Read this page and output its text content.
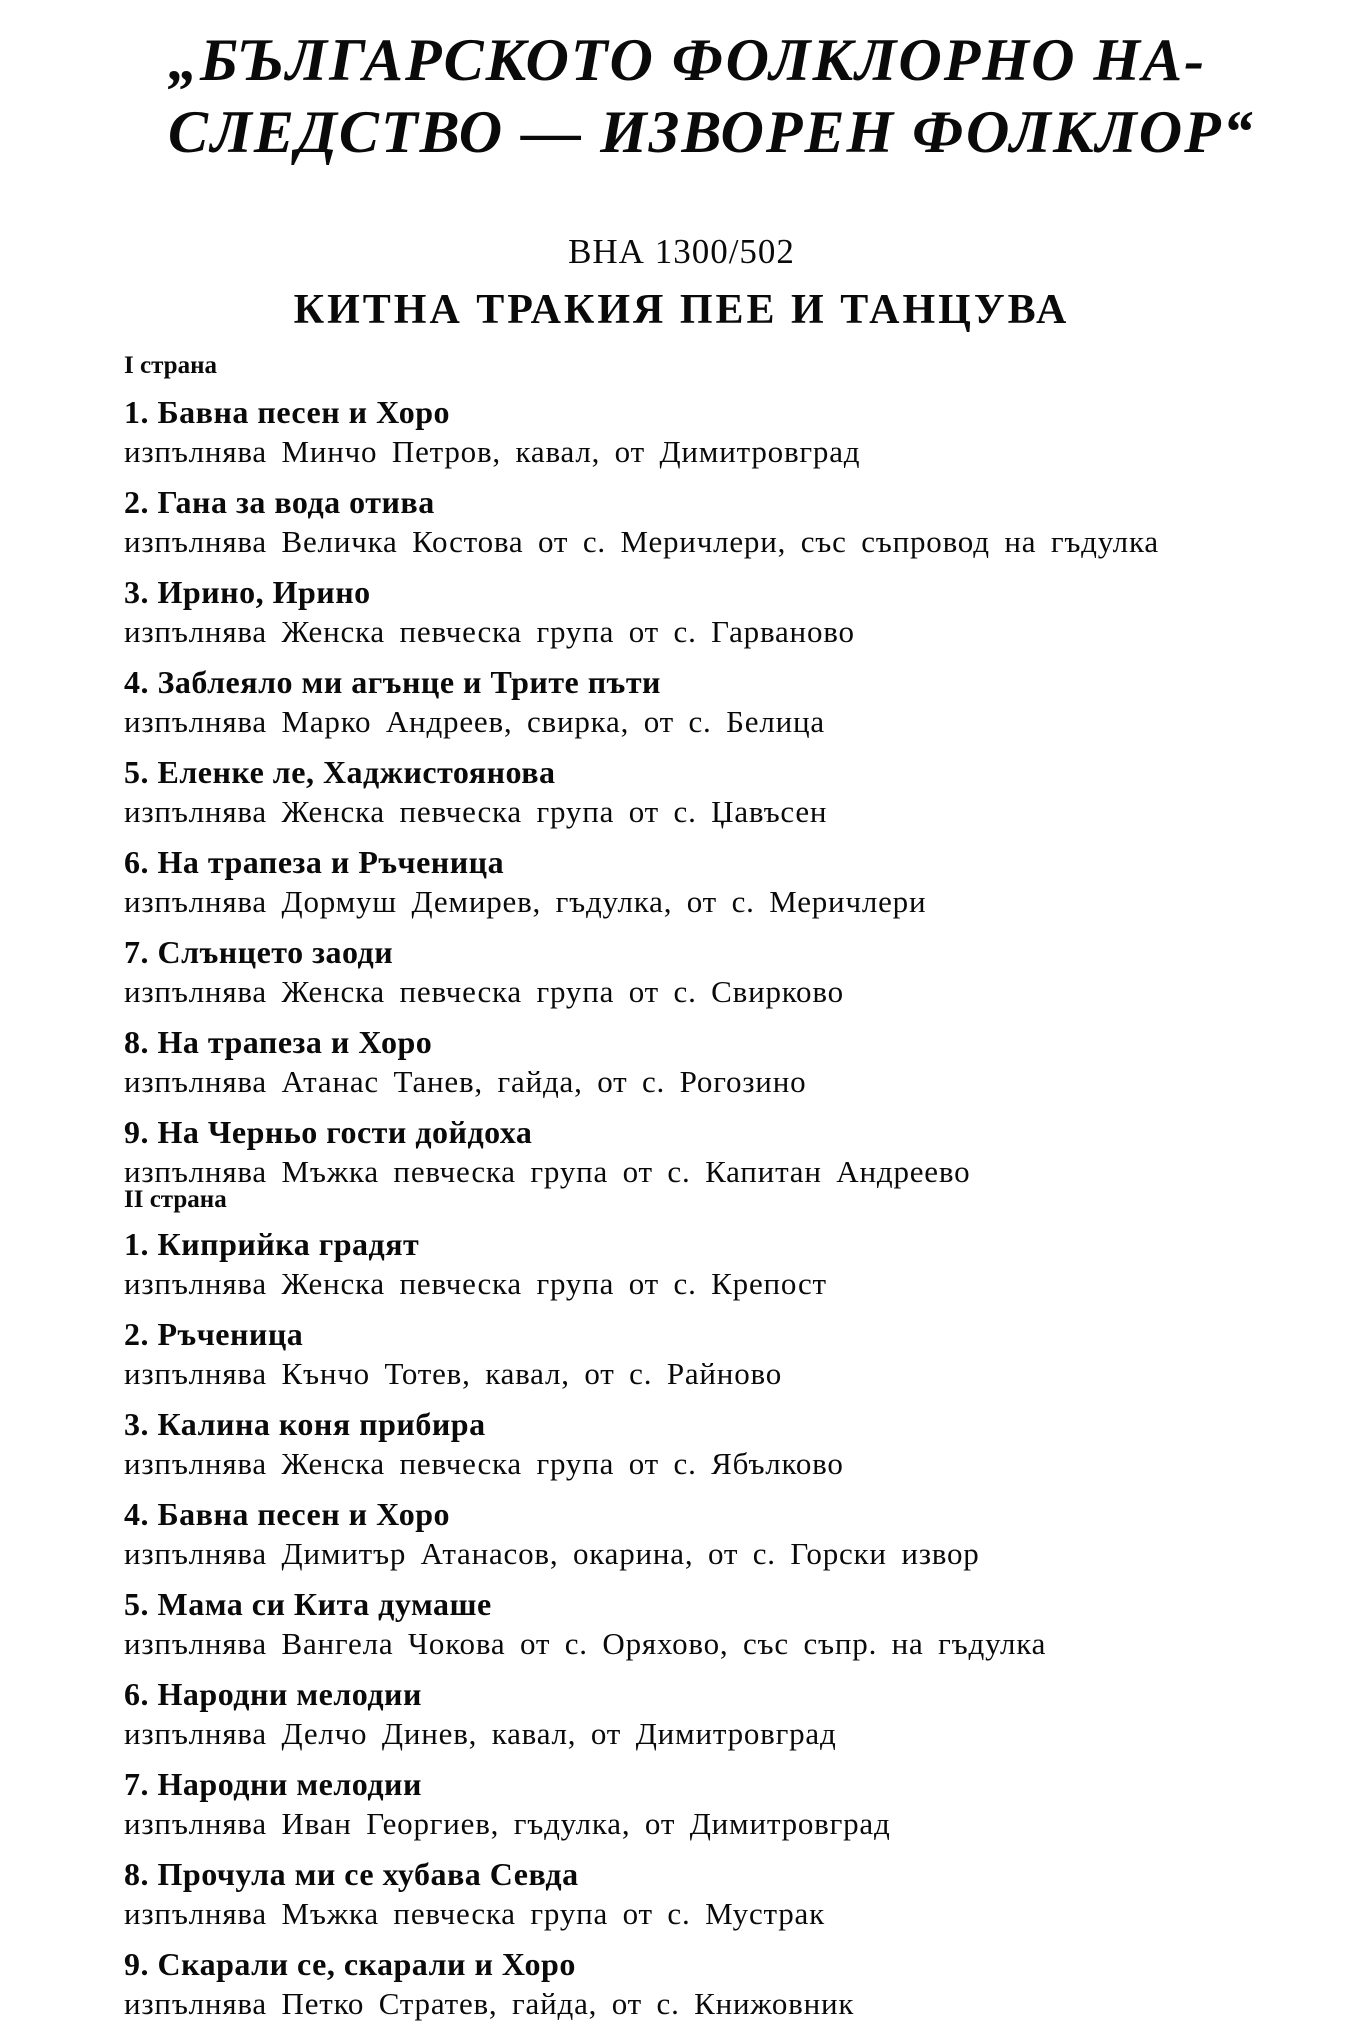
„БЪЛГАРСКОТО ФОЛКЛОРНО НА-
СЛЕДСТВО — ИЗВОРЕН ФОЛКЛОР“
ВНА 1300/502
КИТНА ТРАКИЯ ПЕЕ И ТАНЦУВА
I страна
1. Бавна песен и Хоро
изпълнява Минчо Петров, кавал, от Димитровград
2. Гана за вода отива
изпълнява Величка Костова от с. Меричлери, със съпровод на гъдулка
3. Ирино, Ирино
изпълнява Женска певческа група от с. Гарваново
4. Заблеяло ми агънце и Трите пъти
изпълнява Марко Андреев, свирка, от с. Белица
5. Еленке ле, Хаджистоянова
изпълнява Женска певческа група от с. Џавъсен
6. На трапеза и Ръченица
изпълнява Дормуш Демирев, гъдулка, от с. Меричлери
7. Слънцето заоди
изпълнява Женска певческа група от с. Свирково
8. На трапеза и Хоро
изпълнява Атанас Танев, гайда, от с. Рогозино
9. На Черньо гости дойдоха
изпълнява Мъжка певческа група от с. Капитан Андреево
II страна
1. Киприйка градят
изпълнява Женска певческа група от с. Крепост
2. Ръченица
изпълнява Кънчо Тотев, кавал, от с. Райново
3. Калина коня прибира
изпълнява Женска певческа група от с. Ябълково
4. Бавна песен и Хоро
изпълнява Димитър Атанасов, окарина, от с. Горски извор
5. Мама си Кита думаше
изпълнява Вангела Чокова от с. Оряхово, със съпр. на гъдулка
6. Народни мелодии
изпълнява Делчо Динев, кавал, от Димитровград
7. Народни мелодии
изпълнява Иван Георгиев, гъдулка, от Димитровград
8. Прочула ми се хубава Севда
изпълнява Мъжка певческа група от с. Мустрак
9. Скарали се, скарали и Хоро
изпълнява Петко Стратев, гайда, от с. Книжовник
